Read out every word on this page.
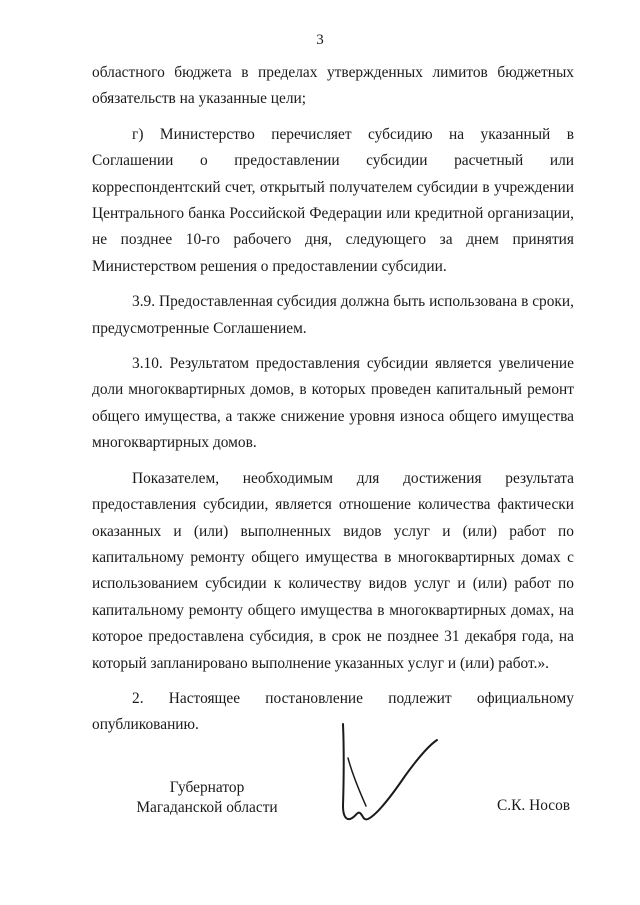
3

областного бюджета в пределах утвержденных лимитов бюджетных обязательств на указанные цели;

г) Министерство перечисляет субсидию на указанный в Соглашении о предоставлении субсидии расчетный или корреспондентский счет, открытый получателем субсидии в учреждении Центрального банка Российской Федерации или кредитной организации, не позднее 10-го рабочего дня, следующего за днем принятия Министерством решения о предоставлении субсидии.

3.9. Предоставленная субсидия должна быть использована в сроки, предусмотренные Соглашением.

3.10. Результатом предоставления субсидии является увеличение доли многоквартирных домов, в которых проведен капитальный ремонт общего имущества, а также снижение уровня износа общего имущества многоквартирных домов.

Показателем, необходимым для достижения результата предоставления субсидии, является отношение количества фактически оказанных и (или) выполненных видов услуг и (или) работ по капитальному ремонту общего имущества в многоквартирных домах с использованием субсидии к количеству видов услуг и (или) работ по капитальному ремонту общего имущества в многоквартирных домах, на которое предоставлена субсидия, в срок не позднее 31 декабря года, на который запланировано выполнение указанных услуг и (или) работ.».

2. Настоящее постановление подлежит официальному опубликованию.

Губернатор
Магаданской области	С.К. Носов
